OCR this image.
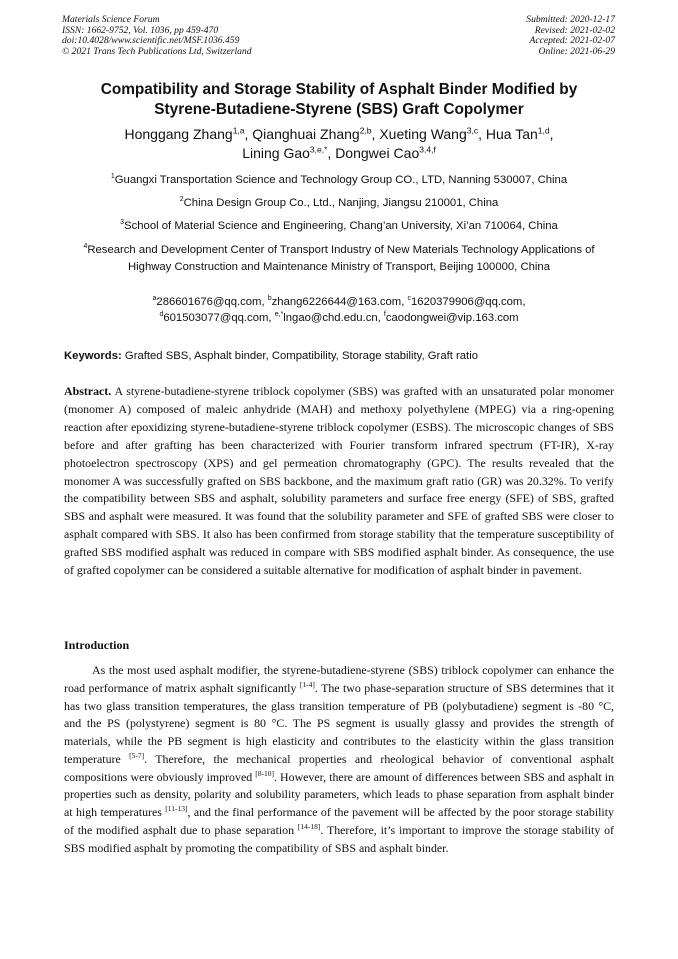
Materials Science Forum
ISSN: 1662-9752, Vol. 1036, pp 459-470
doi:10.4028/www.scientific.net/MSF.1036.459
© 2021 Trans Tech Publications Ltd, Switzerland
Submitted: 2020-12-17
Revised: 2021-02-02
Accepted: 2021-02-07
Online: 2021-06-29
Compatibility and Storage Stability of Asphalt Binder Modified by
Styrene-Butadiene-Styrene (SBS) Graft Copolymer
Honggang Zhang$^{1,a}$, Qianghuai Zhang$^{2,b}$, Xueting Wang$^{3,c}$, Hua Tan$^{1,d}$,
Lining Gao$^{3,e,*}$, Dongwei Cao$^{3,4,f}$
$^1$Guangxi Transportation Science and Technology Group CO., LTD, Nanning 530007, China
$^2$China Design Group Co., Ltd., Nanjing, Jiangsu 210001, China
$^3$School of Material Science and Engineering, Chang’an University, Xi’an 710064, China
$^4$Research and Development Center of Transport Industry of New Materials Technology Applications of Highway Construction and Maintenance Ministry of Transport, Beijing 100000, China
$^a$286601676@qq.com, $^b$zhang6226644@163.com, $^c$1620379906@qq.com,
$^d$601503077@qq.com, $^{e,*}$lngao@chd.edu.cn, $^f$caodongwei@vip.163.com
Keywords: Grafted SBS, Asphalt binder, Compatibility, Storage stability, Graft ratio
Abstract. A styrene-butadiene-styrene triblock copolymer (SBS) was grafted with an unsaturated polar monomer (monomer A) composed of maleic anhydride (MAH) and methoxy polyethylene (MPEG) via a ring-opening reaction after epoxidizing styrene-butadiene-styrene triblock copolymer (ESBS). The microscopic changes of SBS before and after grafting has been characterized with Fourier transform infrared spectrum (FT-IR), X-ray photoelectron spectroscopy (XPS) and gel permeation chromatography (GPC). The results revealed that the monomer A was successfully grafted on SBS backbone, and the maximum graft ratio (GR) was 20.32%. To verify the compatibility between SBS and asphalt, solubility parameters and surface free energy (SFE) of SBS, grafted SBS and asphalt were measured. It was found that the solubility parameter and SFE of grafted SBS were closer to asphalt compared with SBS. It also has been confirmed from storage stability that the temperature susceptibility of grafted SBS modified asphalt was reduced in compare with SBS modified asphalt binder. As consequence, the use of grafted copolymer can be considered a suitable alternative for modification of asphalt binder in pavement.
Introduction
As the most used asphalt modifier, the styrene-butadiene-styrene (SBS) triblock copolymer can enhance the road performance of matrix asphalt significantly [1-4]. The two phase-separation structure of SBS determines that it has two glass transition temperatures, the glass transition temperature of PB (polybutadiene) segment is -80 °C, and the PS (polystyrene) segment is 80 °C. The PS segment is usually glassy and provides the strength of materials, while the PB segment is high elasticity and contributes to the elasticity within the glass transition temperature [5-7]. Therefore, the mechanical properties and rheological behavior of conventional asphalt compositions were obviously improved [8-10]. However, there are amount of differences between SBS and asphalt in properties such as density, polarity and solubility parameters, which leads to phase separation from asphalt binder at high temperatures [11-13], and the final performance of the pavement will be affected by the poor storage stability of the modified asphalt due to phase separation [14-18]. Therefore, it’s important to improve the storage stability of SBS modified asphalt by promoting the compatibility of SBS and asphalt binder.
